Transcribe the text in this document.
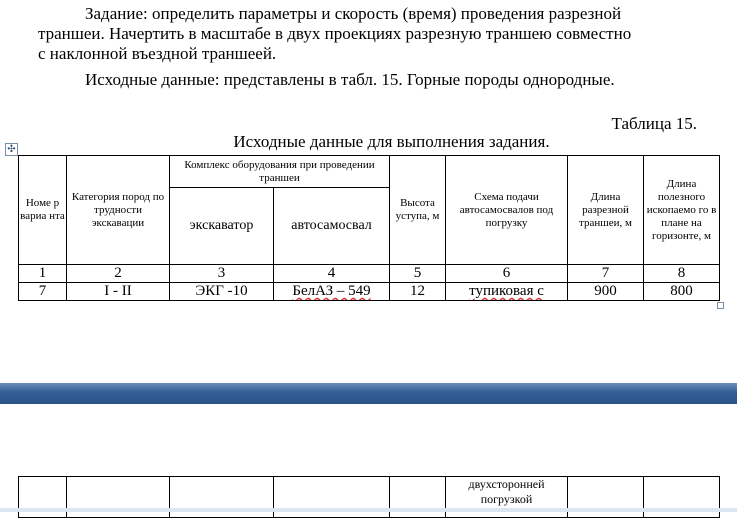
Задание: определить параметры и скорость (время) проведения разрезной
траншеи. Начертить в масштабе в двух проекциях разрезную траншею совместно
с наклонной въездной траншеей.
Исходные данные: представлены в табл. 15. Горные породы однородные.
Таблица 15.
Исходные данные для выполнения задания.
✣
Номе р вариа нта	Категория пород по трудности экскавации	Комплекс оборудования при проведении траншеи		Высота уступа, м	Схема подачи автосамосвалов под погрузку	Длина разрезной траншеи, м	Длина полезного ископаемо го в плане на горизонте, м
		экскаватор	автосамосвал				
1	2	3	4	5	6	7	8
7	I - II	ЭКГ -10	БелАЗ – 549	12	тупиковая с	900	800
					двухсторонней погрузкой		
